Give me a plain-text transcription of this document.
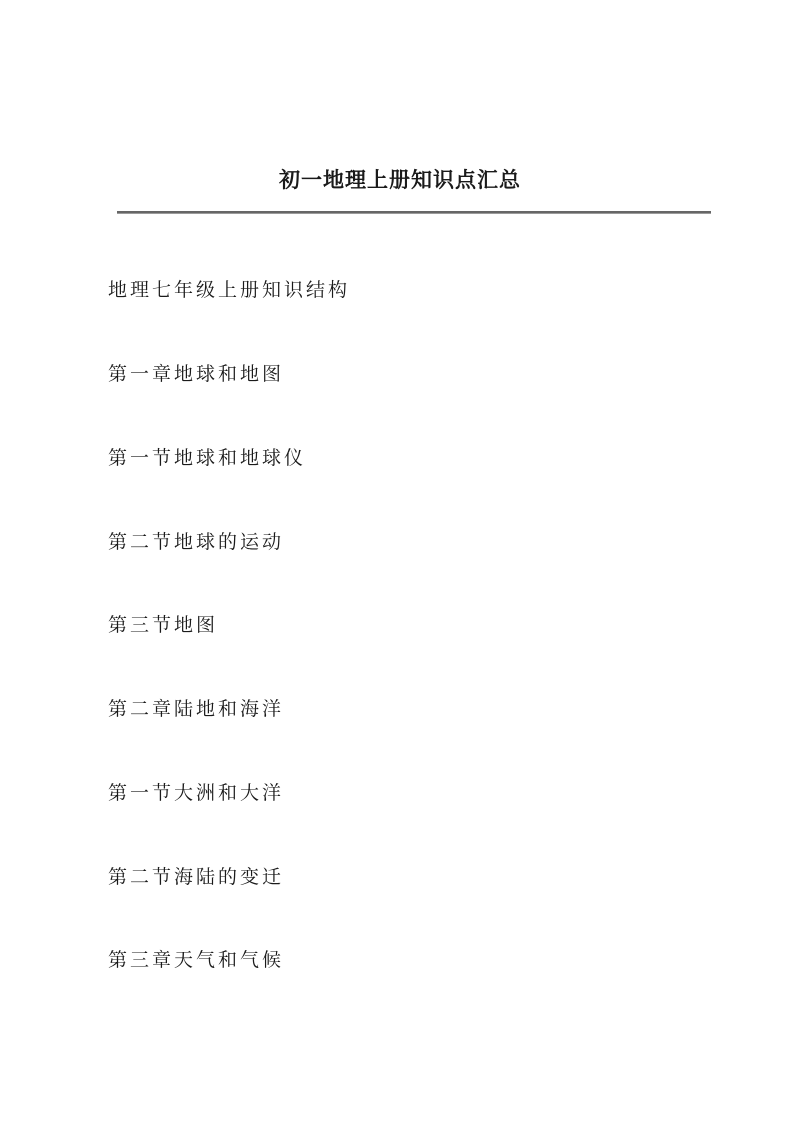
初一地理上册知识点汇总
地理七年级上册知识结构
第一章地球和地图
第一节地球和地球仪
第二节地球的运动
第三节地图
第二章陆地和海洋
第一节大洲和大洋
第二节海陆的变迁
第三章天气和气候
